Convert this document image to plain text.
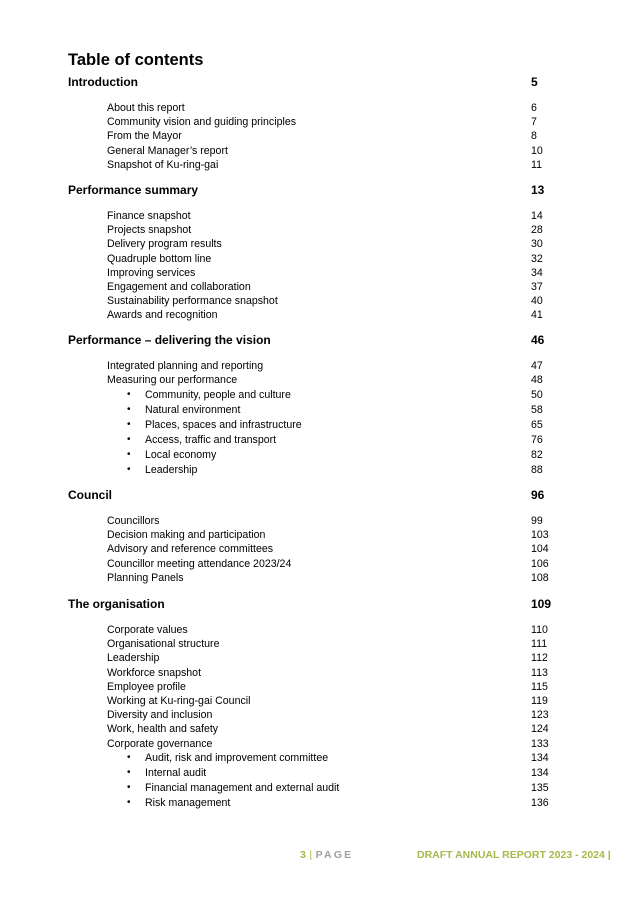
Table of contents
Introduction	5
About this report	6
Community vision and guiding principles	7
From the Mayor	8
General Manager’s report	10
Snapshot of Ku-ring-gai	11
Performance summary	13
Finance snapshot	14
Projects snapshot	28
Delivery program results	30
Quadruple bottom line	32
Improving services	34
Engagement and collaboration	37
Sustainability performance snapshot	40
Awards and recognition	41
Performance – delivering the vision	46
Integrated planning and reporting	47
Measuring our performance	48
• Community, people and culture	50
• Natural environment	58
• Places, spaces and infrastructure	65
• Access, traffic and transport	76
• Local economy	82
• Leadership	88
Council	96
Councillors	99
Decision making and participation	103
Advisory and reference committees	104
Councillor meeting attendance 2023/24	106
Planning Panels	108
The organisation	109
Corporate values	110
Organisational structure	111
Leadership	112
Workforce snapshot	113
Employee profile	115
Working at Ku-ring-gai Council	119
Diversity and inclusion	123
Work, health and safety	124
Corporate governance	133
• Audit, risk and improvement committee	134
• Internal audit	134
• Financial management and external audit	135
• Risk management	136
3 | PAGE	DRAFT ANNUAL REPORT 2023 - 2024 |
